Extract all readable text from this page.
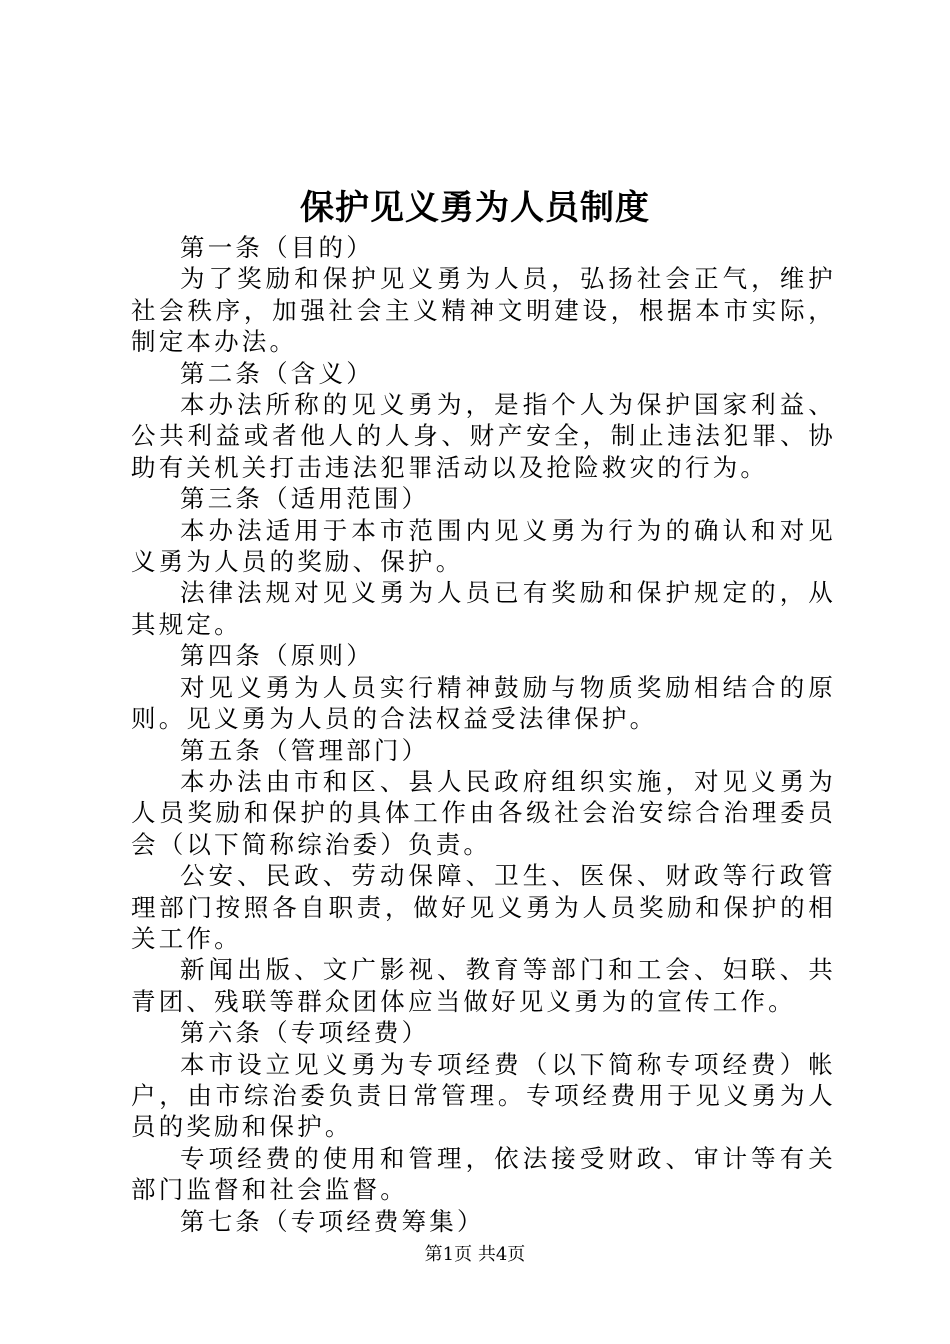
保护见义勇为人员制度

第一条（目的）

为了奖励和保护见义勇为人员，弘扬社会正气，维护社会秩序，加强社会主义精神文明建设，根据本市实际，制定本办法。

第二条（含义）

本办法所称的见义勇为，是指个人为保护国家利益、公共利益或者他人的人身、财产安全，制止违法犯罪、协助有关机关打击违法犯罪活动以及抢险救灾的行为。

第三条（适用范围）

本办法适用于本市范围内见义勇为行为的确认和对见义勇为人员的奖励、保护。

法律法规对见义勇为人员已有奖励和保护规定的，从其规定。

第四条（原则）

对见义勇为人员实行精神鼓励与物质奖励相结合的原则。见义勇为人员的合法权益受法律保护。

第五条（管理部门）

本办法由市和区、县人民政府组织实施，对见义勇为人员奖励和保护的具体工作由各级社会治安综合治理委员会（以下简称综治委）负责。

公安、民政、劳动保障、卫生、医保、财政等行政管理部门按照各自职责，做好见义勇为人员奖励和保护的相关工作。

新闻出版、文广影视、教育等部门和工会、妇联、共青团、残联等群众团体应当做好见义勇为的宣传工作。

第六条（专项经费）

本市设立见义勇为专项经费（以下简称专项经费）帐户，由市综治委负责日常管理。专项经费用于见义勇为人员的奖励和保护。

专项经费的使用和管理，依法接受财政、审计等有关部门监督和社会监督。

第七条（专项经费筹集）

第1页 共4页
